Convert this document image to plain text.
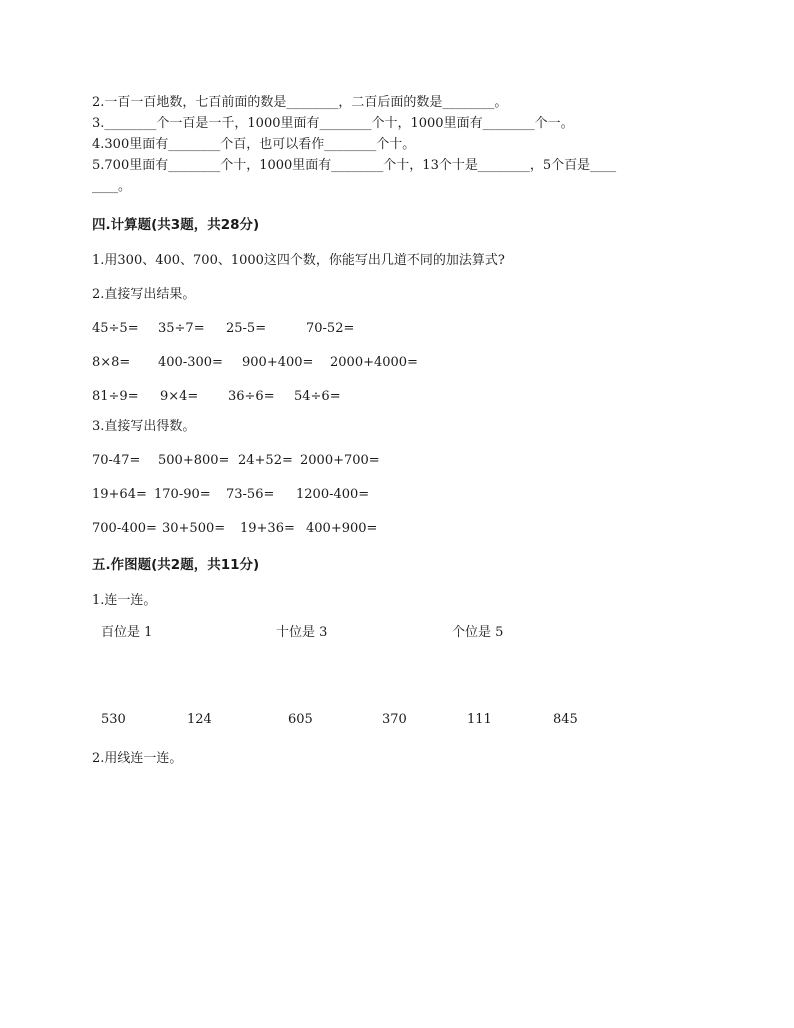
2.一百一百地数，七百前面的数是________，二百后面的数是________。
3.________个一百是一千，1000里面有________个十，1000里面有________个一。
4.300里面有________个百，也可以看作________个十。
5.700里面有________个十，1000里面有________个十，13个十是________，5个百是____
____。
四.计算题(共3题，共28分)
1.用300、400、700、1000这四个数，你能写出几道不同的加法算式?
2.直接写出结果。
45÷5=	35÷7=	25-5=	70-52=
8×8=	400-300=	900+400=	2000+4000=
81÷9=	9×4=	36÷6=	54÷6=
3.直接写出得数。
70-47=	500+800= 24+52= 2000+700=
19+64= 170-90=	73-56=	1200-400=
700-400= 30+500=	19+36= 400+900=
五.作图题(共2题，共11分)
1.连一连。
百位是 1	十位是 3	个位是 5
530	124	605	370	111	845
2.用线连一连。
